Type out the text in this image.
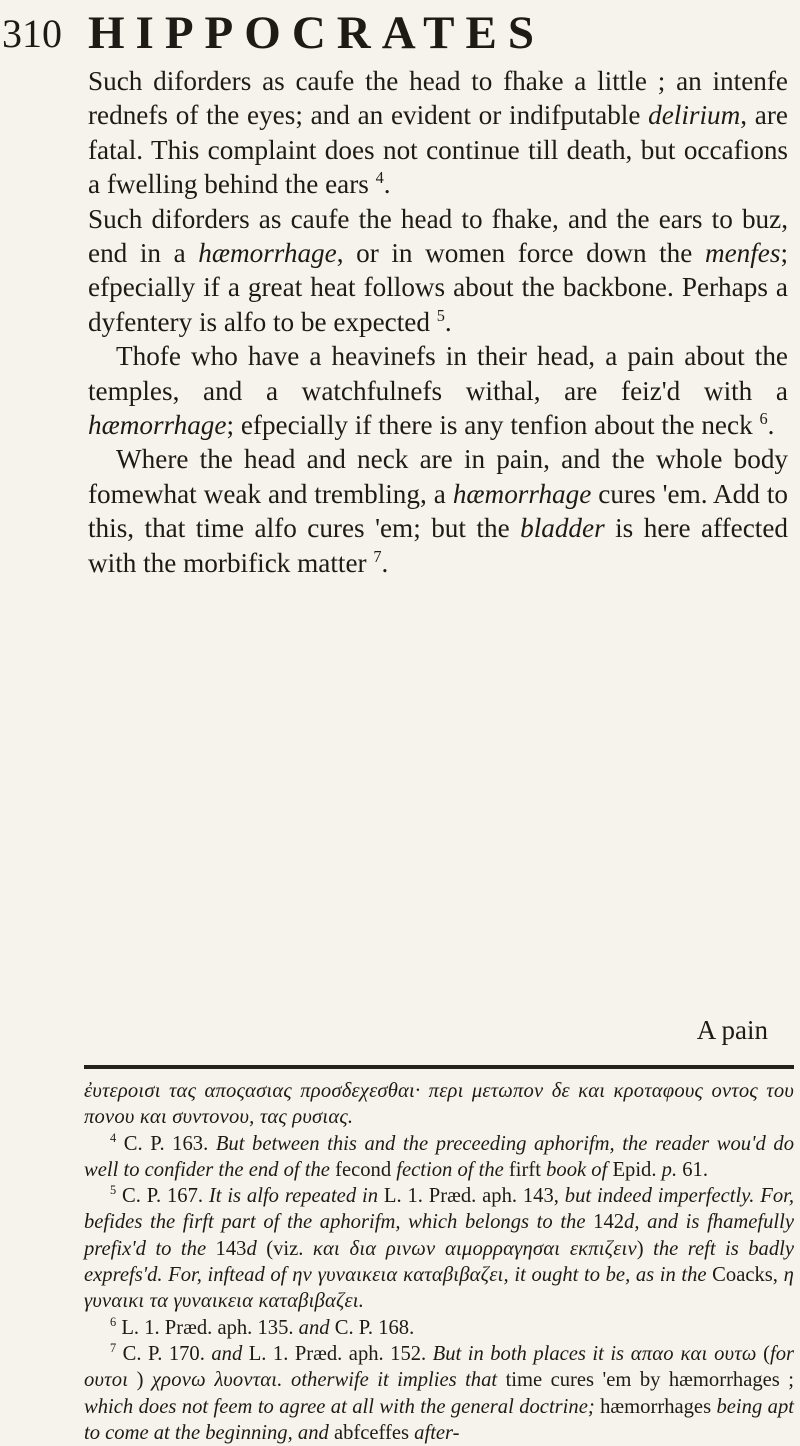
310 HIPPOCRATES

Such diforders as caufe the head to fhake a little ; an intenfe rednefs of the eyes; and an evident or indifputable delirium, are fatal. This complaint does not continue till death, but occafions a fwelling behind the ears $^4$.

Such diforders as caufe the head to fhake, and the ears to buz, end in a hæmorrhage, or in women force down the menfes; efpecially if a great heat follows about the backbone. Perhaps a dyfentery is alfo to be expected $^5$.

Thofe who have a heavinefs in their head, a pain about the temples, and a watchfulnefs withal, are feiz'd with a hæmorrhage; efpecially if there is any tenfion about the neck $^6$.

Where the head and neck are in pain, and the whole body fomewhat weak and trembling, a hæmorrhage cures 'em. Add to this, that time alfo cures 'em; but the bladder is here affected with the morbifick matter $^7$.

A pain

ἐυτεροισι τας αποςασιας προσδεχεσθαι· περι μετωπον δε και κροταφους οντος του πονου και συντονου, τας ρυσιας.

$^4$ C. P. 163. But between this and the preceeding aphorifm, the reader wou'd do well to confider the end of the fecond fection of the firft book of Epid. p. 61.

$^5$ C. P. 167. It is alfo repeated in L. 1. Præd. aph. 143, but indeed imperfectly. For, befides the firft part of the aphorifm, which belongs to the 142d, and is fhamefully prefix'd to the 143d (viz. και δια ρινων αιμορραγησαι εκπιζειν) the reft is badly exprefs'd. For, inftead of ην γυναικεια καταβιβαζει, it ought to be, as in the Coacks, η γυναικι τα γυναικεια καταβιβαζει.

$^6$ L. 1. Præd. aph. 135. and C. P. 168.

$^7$ C. P. 170. and L. 1. Præd. aph. 152. But in both places it is απαο και ουτω (for ουτοι ) χρονω λυονται. otherwife it implies that time cures 'em by hæmorrhages ; which does not feem to agree at all with the general doctrine; hæmorrhages being apt to come at the beginning, and abfceffes after-
